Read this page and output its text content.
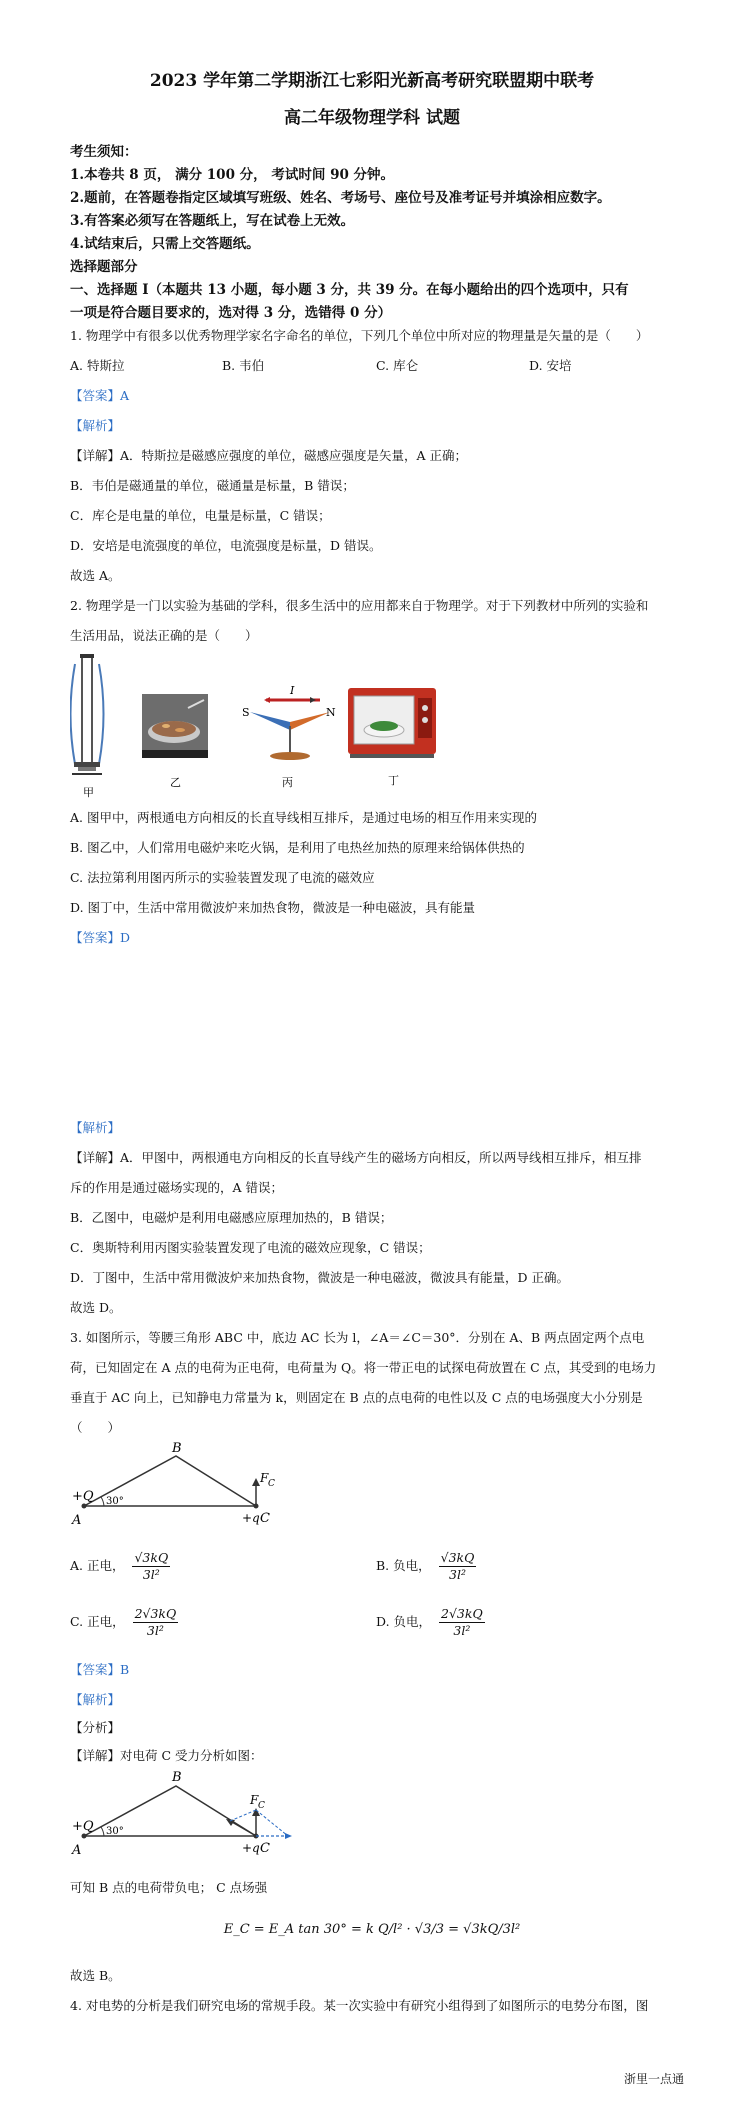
2023 学年第二学期浙江七彩阳光新高考研究联盟期中联考
高二年级物理学科 试题
考生须知：
1.本卷共 8 页， 满分 100 分， 考试时间 90 分钟。
2.题前，在答题卷指定区域填写班级、姓名、考场号、座位号及准考证号并填涂相应数字。
3.有答案必须写在答题纸上，写在试卷上无效。
4.试结束后，只需上交答题纸。
选择题部分
一、选择题 I（本题共 13 小题，每小题 3 分，共 39 分。在每小题给出的四个选项中，只有
一项是符合题目要求的，选对得 3 分，选错得 0 分）
1. 物理学中有很多以优秀物理学家名字命名的单位，下列几个单位中所对应的物理量是矢量的是（　　）
A. 特斯拉	B. 韦伯	C. 库仑	D. 安培
【答案】A
【解析】
【详解】A．特斯拉是磁感应强度的单位，磁感应强度是矢量，A 正确；
B．韦伯是磁通量的单位，磁通量是标量，B 错误；
C．库仑是电量的单位，电量是标量，C 错误；
D．安培是电流强度的单位，电流强度是标量，D 错误。
故选 A。
2. 物理学是一门以实验为基础的学科，很多生活中的应用都来自于物理学。对于下列教材中所列的实验和
生活用品，说法正确的是（　　）
甲
乙	丙	丁
S
I
N
A. 图甲中，两根通电方向相反的长直导线相互排斥，是通过电场的相互作用来实现的
B. 图乙中，人们常用电磁炉来吃火锅，是利用了电热丝加热的原理来给锅体供热的
C. 法拉第利用图丙所示的实验装置发现了电流的磁效应
D. 图丁中，生活中常用微波炉来加热食物，微波是一种电磁波，具有能量
【答案】D
【解析】
【详解】A．甲图中，两根通电方向相反的长直导线产生的磁场方向相反，所以两导线相互排斥，相互排
斥的作用是通过磁场实现的，A 错误；
B．乙图中，电磁炉是利用电磁感应原理加热的，B 错误；
C．奥斯特利用丙图实验装置发现了电流的磁效应现象，C 错误；
D．丁图中，生活中常用微波炉来加热食物，微波是一种电磁波，微波具有能量，D 正确。
故选 D。
3. 如图所示，等腰三角形 ABC 中，底边 AC 长为 l，∠A＝∠C＝30°．分别在 A、B 两点固定两个点电
荷，已知固定在 A 点的电荷为正电荷，电荷量为 Q。将一带正电的试探电荷放置在 C 点，其受到的电场力
垂直于 AC 向上，已知静电力常量为 k，则固定在 B 点的点电荷的电性以及 C 点的电场强度大小分别是
（　　）
B
A	C
+Q
+q
30°
F C
A. 正电， $\frac{√3kQ}{\text{3l²}}$	B. 负电， $\frac{√3kQ}{\text{3l²}}$
C. 正电， $\frac{2√3kQ}{\text{3l²}}$	D. 负电， $\frac{2√3kQ}{\text{3l²}}$
【答案】B
【解析】
【分析】
【详解】对电荷 C 受力分析如图：
B
A	C
+Q
+q
30°
F C
可知 B 点的电荷带负电； C 点场强
E_C = E_A tan 30° = k Q/l² · √3/3 = √3kQ/3l²
故选 B。
4. 对电势的分析是我们研究电场的常规手段。某一次实验中有研究小组得到了如图所示的电势分布图，图
浙里一点通
